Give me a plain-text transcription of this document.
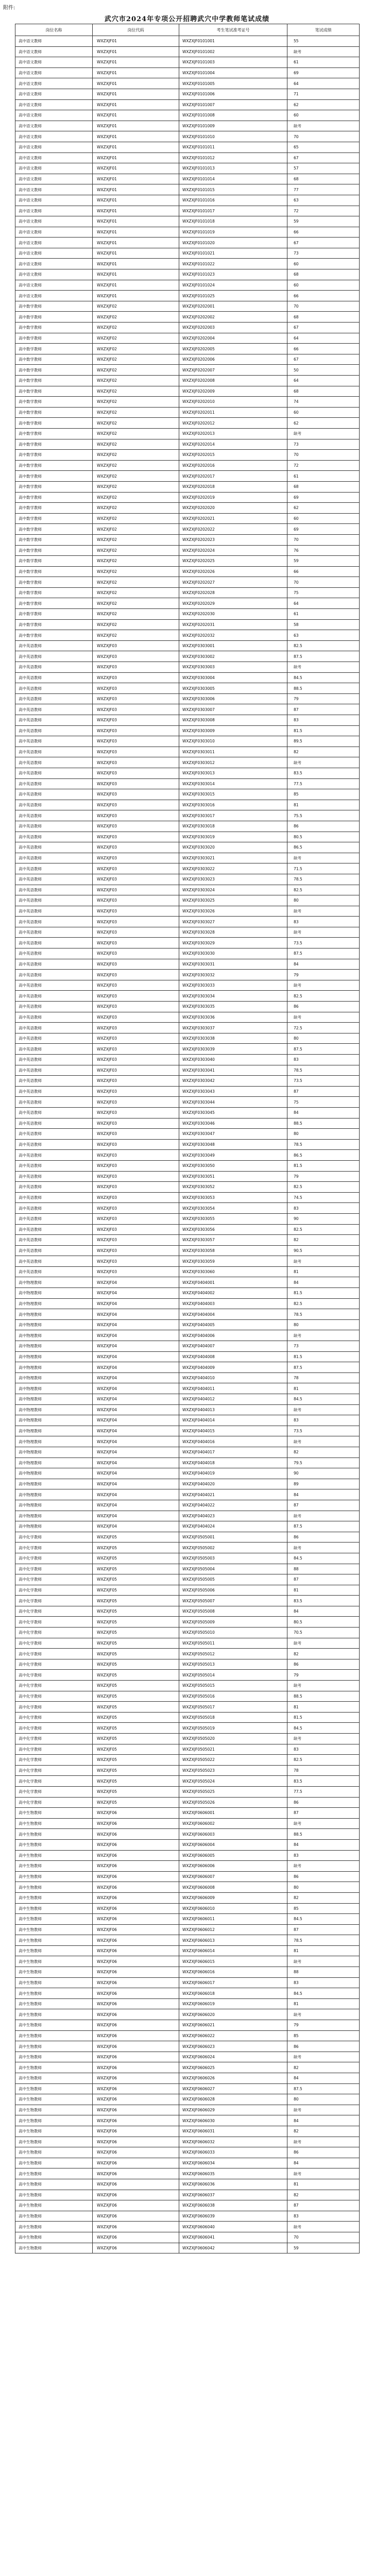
附件:
武穴市2024年专项公开招聘武穴中学教师笔试成绩
岗位名称	岗位代码	考生笔试准考证号	笔试成绩
高中语文教师	WXZXJF01	WXZXJF0101001	55
高中语文教师	WXZXJF01	WXZXJF0101002	缺考
高中语文教师	WXZXJF01	WXZXJF0101003	61
高中语文教师	WXZXJF01	WXZXJF0101004	69
高中语文教师	WXZXJF01	WXZXJF0101005	64
高中语文教师	WXZXJF01	WXZXJF0101006	71
高中语文教师	WXZXJF01	WXZXJF0101007	62
高中语文教师	WXZXJF01	WXZXJF0101008	60
高中语文教师	WXZXJF01	WXZXJF0101009	缺考
高中语文教师	WXZXJF01	WXZXJF0101010	70
高中语文教师	WXZXJF01	WXZXJF0101011	65
高中语文教师	WXZXJF01	WXZXJF0101012	67
高中语文教师	WXZXJF01	WXZXJF0101013	57
高中语文教师	WXZXJF01	WXZXJF0101014	68
高中语文教师	WXZXJF01	WXZXJF0101015	77
高中语文教师	WXZXJF01	WXZXJF0101016	63
高中语文教师	WXZXJF01	WXZXJF0101017	72
高中语文教师	WXZXJF01	WXZXJF0101018	59
高中语文教师	WXZXJF01	WXZXJF0101019	66
高中语文教师	WXZXJF01	WXZXJF0101020	67
高中语文教师	WXZXJF01	WXZXJF0101021	73
高中语文教师	WXZXJF01	WXZXJF0101022	60
高中语文教师	WXZXJF01	WXZXJF0101023	68
高中语文教师	WXZXJF01	WXZXJF0101024	60
高中语文教师	WXZXJF01	WXZXJF0101025	66
高中数学教师	WXZXJF02	WXZXJF0202001	70
高中数学教师	WXZXJF02	WXZXJF0202002	68
高中数学教师	WXZXJF02	WXZXJF0202003	67
高中数学教师	WXZXJF02	WXZXJF0202004	64
高中数学教师	WXZXJF02	WXZXJF0202005	66
高中数学教师	WXZXJF02	WXZXJF0202006	67
高中数学教师	WXZXJF02	WXZXJF0202007	50
高中数学教师	WXZXJF02	WXZXJF0202008	64
高中数学教师	WXZXJF02	WXZXJF0202009	68
高中数学教师	WXZXJF02	WXZXJF0202010	74
高中数学教师	WXZXJF02	WXZXJF0202011	60
高中数学教师	WXZXJF02	WXZXJF0202012	62
高中数学教师	WXZXJF02	WXZXJF0202013	缺考
高中数学教师	WXZXJF02	WXZXJF0202014	73
高中数学教师	WXZXJF02	WXZXJF0202015	70
高中数学教师	WXZXJF02	WXZXJF0202016	72
高中数学教师	WXZXJF02	WXZXJF0202017	61
高中数学教师	WXZXJF02	WXZXJF0202018	68
高中数学教师	WXZXJF02	WXZXJF0202019	69
高中数学教师	WXZXJF02	WXZXJF0202020	62
高中数学教师	WXZXJF02	WXZXJF0202021	60
高中数学教师	WXZXJF02	WXZXJF0202022	69
高中数学教师	WXZXJF02	WXZXJF0202023	70
高中数学教师	WXZXJF02	WXZXJF0202024	76
高中数学教师	WXZXJF02	WXZXJF0202025	59
高中数学教师	WXZXJF02	WXZXJF0202026	66
高中数学教师	WXZXJF02	WXZXJF0202027	70
高中数学教师	WXZXJF02	WXZXJF0202028	75
高中数学教师	WXZXJF02	WXZXJF0202029	64
高中数学教师	WXZXJF02	WXZXJF0202030	61
高中数学教师	WXZXJF02	WXZXJF0202031	58
高中数学教师	WXZXJF02	WXZXJF0202032	63
高中英语教师	WXZXJF03	WXZXJF0303001	82.5
高中英语教师	WXZXJF03	WXZXJF0303002	87.5
高中英语教师	WXZXJF03	WXZXJF0303003	缺考
高中英语教师	WXZXJF03	WXZXJF0303004	84.5
高中英语教师	WXZXJF03	WXZXJF0303005	88.5
高中英语教师	WXZXJF03	WXZXJF0303006	79
高中英语教师	WXZXJF03	WXZXJF0303007	87
高中英语教师	WXZXJF03	WXZXJF0303008	83
高中英语教师	WXZXJF03	WXZXJF0303009	81.5
高中英语教师	WXZXJF03	WXZXJF0303010	89.5
高中英语教师	WXZXJF03	WXZXJF0303011	82
高中英语教师	WXZXJF03	WXZXJF0303012	缺考
高中英语教师	WXZXJF03	WXZXJF0303013	83.5
高中英语教师	WXZXJF03	WXZXJF0303014	77.5
高中英语教师	WXZXJF03	WXZXJF0303015	85
高中英语教师	WXZXJF03	WXZXJF0303016	81
高中英语教师	WXZXJF03	WXZXJF0303017	75.5
高中英语教师	WXZXJF03	WXZXJF0303018	86
高中英语教师	WXZXJF03	WXZXJF0303019	80.5
高中英语教师	WXZXJF03	WXZXJF0303020	86.5
高中英语教师	WXZXJF03	WXZXJF0303021	缺考
高中英语教师	WXZXJF03	WXZXJF0303022	71.5
高中英语教师	WXZXJF03	WXZXJF0303023	78.5
高中英语教师	WXZXJF03	WXZXJF0303024	82.5
高中英语教师	WXZXJF03	WXZXJF0303025	80
高中英语教师	WXZXJF03	WXZXJF0303026	缺考
高中英语教师	WXZXJF03	WXZXJF0303027	83
高中英语教师	WXZXJF03	WXZXJF0303028	缺考
高中英语教师	WXZXJF03	WXZXJF0303029	73.5
高中英语教师	WXZXJF03	WXZXJF0303030	87.5
高中英语教师	WXZXJF03	WXZXJF0303031	84
高中英语教师	WXZXJF03	WXZXJF0303032	79
高中英语教师	WXZXJF03	WXZXJF0303033	缺考
高中英语教师	WXZXJF03	WXZXJF0303034	82.5
高中英语教师	WXZXJF03	WXZXJF0303035	86
高中英语教师	WXZXJF03	WXZXJF0303036	缺考
高中英语教师	WXZXJF03	WXZXJF0303037	72.5
高中英语教师	WXZXJF03	WXZXJF0303038	80
高中英语教师	WXZXJF03	WXZXJF0303039	87.5
高中英语教师	WXZXJF03	WXZXJF0303040	83
高中英语教师	WXZXJF03	WXZXJF0303041	78.5
高中英语教师	WXZXJF03	WXZXJF0303042	73.5
高中英语教师	WXZXJF03	WXZXJF0303043	87
高中英语教师	WXZXJF03	WXZXJF0303044	75
高中英语教师	WXZXJF03	WXZXJF0303045	84
高中英语教师	WXZXJF03	WXZXJF0303046	88.5
高中英语教师	WXZXJF03	WXZXJF0303047	80
高中英语教师	WXZXJF03	WXZXJF0303048	78.5
高中英语教师	WXZXJF03	WXZXJF0303049	86.5
高中英语教师	WXZXJF03	WXZXJF0303050	81.5
高中英语教师	WXZXJF03	WXZXJF0303051	79
高中英语教师	WXZXJF03	WXZXJF0303052	82.5
高中英语教师	WXZXJF03	WXZXJF0303053	74.5
高中英语教师	WXZXJF03	WXZXJF0303054	83
高中英语教师	WXZXJF03	WXZXJF0303055	90
高中英语教师	WXZXJF03	WXZXJF0303056	82.5
高中英语教师	WXZXJF03	WXZXJF0303057	82
高中英语教师	WXZXJF03	WXZXJF0303058	90.5
高中英语教师	WXZXJF03	WXZXJF0303059	缺考
高中英语教师	WXZXJF03	WXZXJF0303060	81
高中物理教师	WXZXJF04	WXZXJF0404001	84
高中物理教师	WXZXJF04	WXZXJF0404002	81.5
高中物理教师	WXZXJF04	WXZXJF0404003	82.5
高中物理教师	WXZXJF04	WXZXJF0404004	78.5
高中物理教师	WXZXJF04	WXZXJF0404005	80
高中物理教师	WXZXJF04	WXZXJF0404006	缺考
高中物理教师	WXZXJF04	WXZXJF0404007	73
高中物理教师	WXZXJF04	WXZXJF0404008	81.5
高中物理教师	WXZXJF04	WXZXJF0404009	87.5
高中物理教师	WXZXJF04	WXZXJF0404010	78
高中物理教师	WXZXJF04	WXZXJF0404011	81
高中物理教师	WXZXJF04	WXZXJF0404012	84.5
高中物理教师	WXZXJF04	WXZXJF0404013	缺考
高中物理教师	WXZXJF04	WXZXJF0404014	83
高中物理教师	WXZXJF04	WXZXJF0404015	73.5
高中物理教师	WXZXJF04	WXZXJF0404016	缺考
高中物理教师	WXZXJF04	WXZXJF0404017	82
高中物理教师	WXZXJF04	WXZXJF0404018	79.5
高中物理教师	WXZXJF04	WXZXJF0404019	90
高中物理教师	WXZXJF04	WXZXJF0404020	89
高中物理教师	WXZXJF04	WXZXJF0404021	84
高中物理教师	WXZXJF04	WXZXJF0404022	87
高中物理教师	WXZXJF04	WXZXJF0404023	缺考
高中物理教师	WXZXJF04	WXZXJF0404024	87.5
高中化学教师	WXZXJF05	WXZXJF0505001	86
高中化学教师	WXZXJF05	WXZXJF0505002	缺考
高中化学教师	WXZXJF05	WXZXJF0505003	84.5
高中化学教师	WXZXJF05	WXZXJF0505004	88
高中化学教师	WXZXJF05	WXZXJF0505005	87
高中化学教师	WXZXJF05	WXZXJF0505006	81
高中化学教师	WXZXJF05	WXZXJF0505007	83.5
高中化学教师	WXZXJF05	WXZXJF0505008	84
高中化学教师	WXZXJF05	WXZXJF0505009	80.5
高中化学教师	WXZXJF05	WXZXJF0505010	70.5
高中化学教师	WXZXJF05	WXZXJF0505011	缺考
高中化学教师	WXZXJF05	WXZXJF0505012	82
高中化学教师	WXZXJF05	WXZXJF0505013	86
高中化学教师	WXZXJF05	WXZXJF0505014	79
高中化学教师	WXZXJF05	WXZXJF0505015	缺考
高中化学教师	WXZXJF05	WXZXJF0505016	88.5
高中化学教师	WXZXJF05	WXZXJF0505017	81
高中化学教师	WXZXJF05	WXZXJF0505018	81.5
高中化学教师	WXZXJF05	WXZXJF0505019	84.5
高中化学教师	WXZXJF05	WXZXJF0505020	缺考
高中化学教师	WXZXJF05	WXZXJF0505021	83
高中化学教师	WXZXJF05	WXZXJF0505022	82.5
高中化学教师	WXZXJF05	WXZXJF0505023	78
高中化学教师	WXZXJF05	WXZXJF0505024	83.5
高中化学教师	WXZXJF05	WXZXJF0505025	77.5
高中化学教师	WXZXJF05	WXZXJF0505026	86
高中生物教师	WXZXJF06	WXZXJF0606001	87
高中生物教师	WXZXJF06	WXZXJF0606002	缺考
高中生物教师	WXZXJF06	WXZXJF0606003	88.5
高中生物教师	WXZXJF06	WXZXJF0606004	84
高中生物教师	WXZXJF06	WXZXJF0606005	83
高中生物教师	WXZXJF06	WXZXJF0606006	缺考
高中生物教师	WXZXJF06	WXZXJF0606007	86
高中生物教师	WXZXJF06	WXZXJF0606008	80
高中生物教师	WXZXJF06	WXZXJF0606009	82
高中生物教师	WXZXJF06	WXZXJF0606010	85
高中生物教师	WXZXJF06	WXZXJF0606011	84.5
高中生物教师	WXZXJF06	WXZXJF0606012	87
高中生物教师	WXZXJF06	WXZXJF0606013	78.5
高中生物教师	WXZXJF06	WXZXJF0606014	81
高中生物教师	WXZXJF06	WXZXJF0606015	缺考
高中生物教师	WXZXJF06	WXZXJF0606016	88
高中生物教师	WXZXJF06	WXZXJF0606017	83
高中生物教师	WXZXJF06	WXZXJF0606018	84.5
高中生物教师	WXZXJF06	WXZXJF0606019	81
高中生物教师	WXZXJF06	WXZXJF0606020	缺考
高中生物教师	WXZXJF06	WXZXJF0606021	79
高中生物教师	WXZXJF06	WXZXJF0606022	85
高中生物教师	WXZXJF06	WXZXJF0606023	86
高中生物教师	WXZXJF06	WXZXJF0606024	缺考
高中生物教师	WXZXJF06	WXZXJF0606025	82
高中生物教师	WXZXJF06	WXZXJF0606026	84
高中生物教师	WXZXJF06	WXZXJF0606027	87.5
高中生物教师	WXZXJF06	WXZXJF0606028	80
高中生物教师	WXZXJF06	WXZXJF0606029	缺考
高中生物教师	WXZXJF06	WXZXJF0606030	84
高中生物教师	WXZXJF06	WXZXJF0606031	82
高中生物教师	WXZXJF06	WXZXJF0606032	缺考
高中生物教师	WXZXJF06	WXZXJF0606033	86
高中生物教师	WXZXJF06	WXZXJF0606034	84
高中生物教师	WXZXJF06	WXZXJF0606035	缺考
高中生物教师	WXZXJF06	WXZXJF0606036	81
高中生物教师	WXZXJF06	WXZXJF0606037	82
高中生物教师	WXZXJF06	WXZXJF0606038	87
高中生物教师	WXZXJF06	WXZXJF0606039	83
高中生物教师	WXZXJF06	WXZXJF0606040	缺考
高中生物教师	WXZXJF06	WXZXJF0606041	70
高中生物教师	WXZXJF06	WXZXJF0606042	59
